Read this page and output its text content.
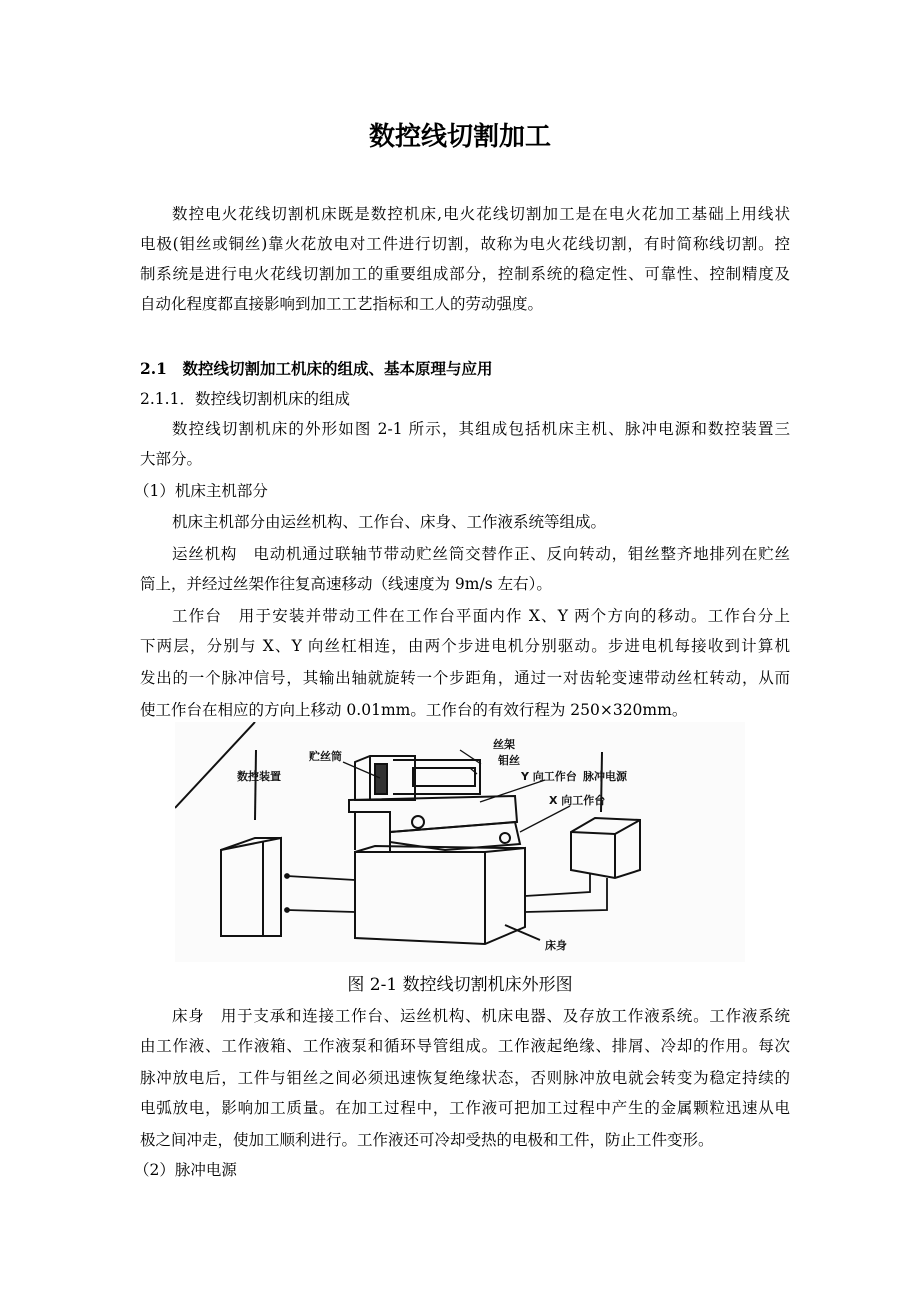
数控线切割加工
数控电火花线切割机床既是数控机床,电火花线切割加工是在电火花加工基础上用线状
电极(钼丝或铜丝)靠火花放电对工件进行切割，故称为电火花线切割，有时简称线切割。控
制系统是进行电火花线切割加工的重要组成部分，控制系统的稳定性、可靠性、控制精度及
自动化程度都直接影响到加工工艺指标和工人的劳动强度。
2.1　数控线切割加工机床的组成、基本原理与应用
2.1.1．数控线切割机床的组成
数控线切割机床的外形如图 2-1 所示，其组成包括机床主机、脉冲电源和数控装置三
大部分。
（1）机床主机部分
机床主机部分由运丝机构、工作台、床身、工作液系统等组成。
运丝机构　电动机通过联轴节带动贮丝筒交替作正、反向转动，钼丝整齐地排列在贮丝
筒上，并经过丝架作往复高速移动（线速度为 9m/s 左右）。
工作台　用于安装并带动工件在工作台平面内作 X、Y 两个方向的移动。工作台分上
下两层，分别与 X、Y 向丝杠相连，由两个步进电机分别驱动。步进电机每接收到计算机
发出的一个脉冲信号，其输出轴就旋转一个步距角，通过一对齿轮变速带动丝杠转动，从而
使工作台在相应的方向上移动 0.01mm。工作台的有效行程为 250×320mm。
丝架
贮丝筒	钼丝
数控装置	Y 向工作台 脉冲电源
X 向工作台
床身
图 2-1 数控线切割机床外形图
床身　用于支承和连接工作台、运丝机构、机床电器、及存放工作液系统。工作液系统
由工作液、工作液箱、工作液泵和循环导管组成。工作液起绝缘、排屑、冷却的作用。每次
脉冲放电后，工件与钼丝之间必须迅速恢复绝缘状态，否则脉冲放电就会转变为稳定持续的
电弧放电，影响加工质量。在加工过程中，工作液可把加工过程中产生的金属颗粒迅速从电
极之间冲走，使加工顺利进行。工作液还可冷却受热的电极和工件，防止工件变形。
（2）脉冲电源
